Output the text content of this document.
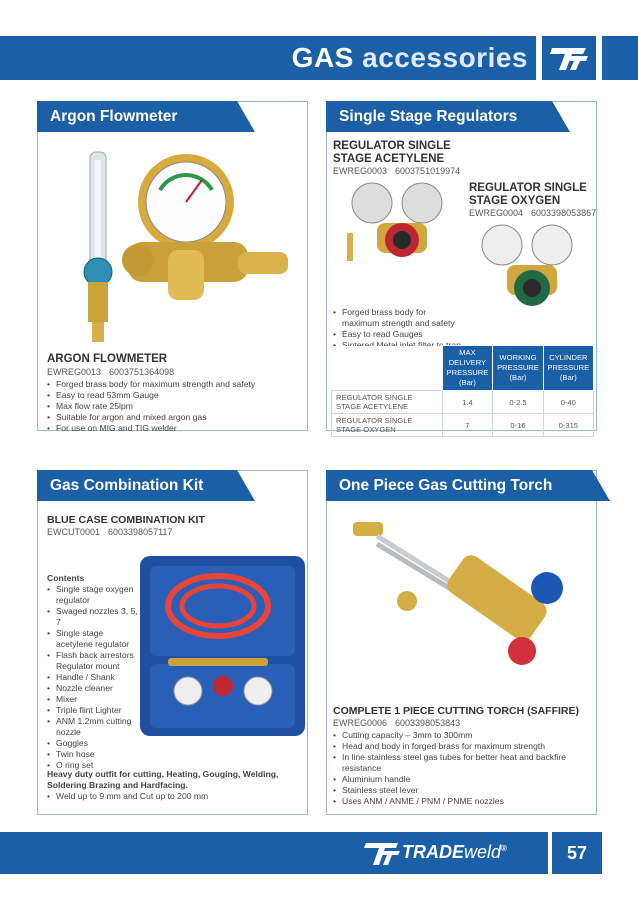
GAS accessories
Argon Flowmeter
ARGON FLOWMETER
EWREG0013 6003751364098
• Forged brass body for maximum strength and safety
• Easy to read 53mm Gauge
• Max flow rate 25lpm
• Suitable for argon and mixed argon gas
• For use on MIG and TIG welder
Single Stage Regulators
REGULATOR SINGLE
STAGE ACETYLENE
EWREG0003 6003751019974
REGULATOR SINGLE
STAGE OXYGEN
EWREG0004 6003398053867
• Forged brass body for maximum strength and safety
• Easy to read Gauges
•
•
	MAX DELIVERY PRESSURE (Bar)	WORKING PRESSURE (Bar)	CYLINDER PRESSURE (Bar)
REGULATOR SINGLE STAGE ACETYLENE	1.4	0-2.5	0-40
REGULATOR SINGLE STAGE OXYGEN	7	0-16	0-315
Gas Combination Kit
BLUE CASE COMBINATION KIT
EWCUT0001 6003398057117
Contents
• Single stage oxygen regulator
• Swaged nozzles 3, 5, 7
• Single stage acetylene regulator
• Flash back arrestors Regulator mount
• Handle / Shank
• Nozzle cleaner
• Mixer
• Triple flint Lighter
• ANM 1.2mm cutting nozzle
• Goggles
• Twin hose
• O ring set
Heavy duty outfit for cutting, Heating, Gouging, Welding,
Soldering Brazing and Hardfacing.
• Weld up to 9 mm and Cut up to 200 mm
One Piece Gas Cutting Torch
COMPLETE 1 PIECE CUTTING TORCH (SAFFIRE)
EWREG0006 6003398053843
• Cutting capacity – 3mm to 300mm
• Head and body in forged brass for maximum strength
• In line stainless steel gas tubes for better heat and backfire resistance
• Aluminium handle
• Stainless steel lever
• Uses ANM / ANME / PNM / PNME nozzles
TRADEweld®	57
